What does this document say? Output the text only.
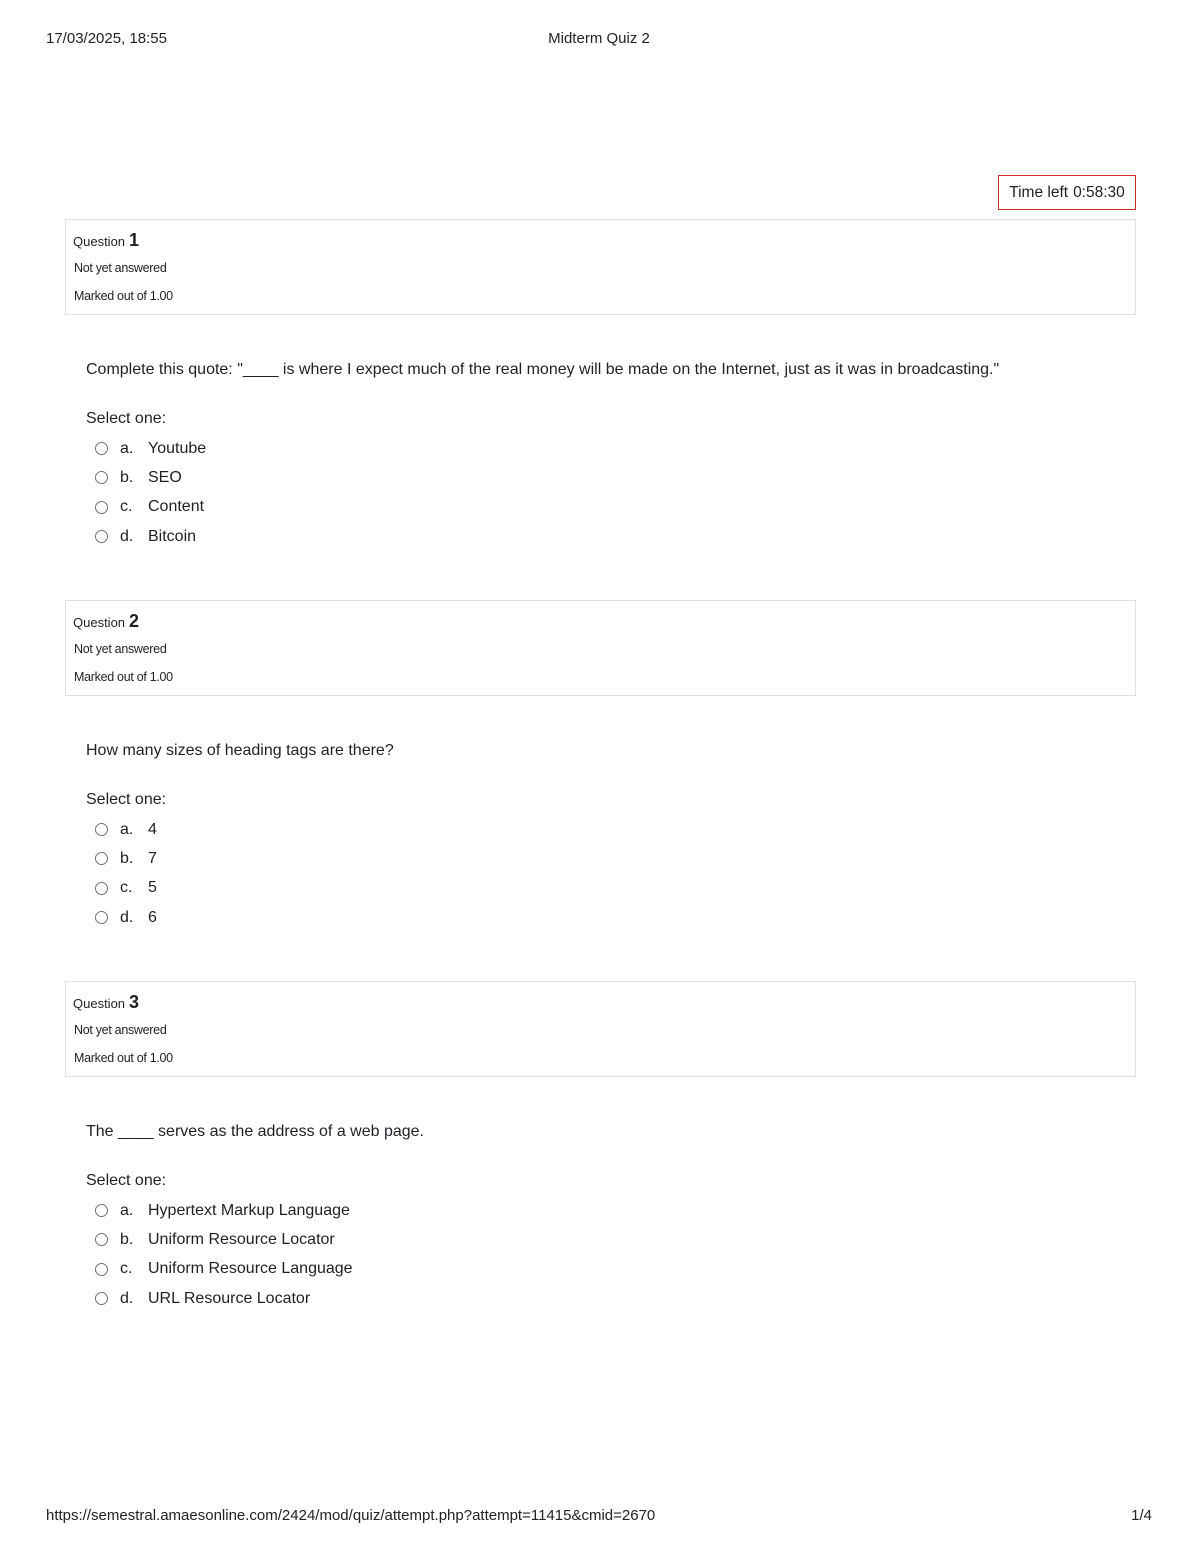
17/03/2025, 18:55	Midterm Quiz 2
Time left 0:58:30
Question 1
Not yet answered
Marked out of 1.00
Complete this quote: "____ is where I expect much of the real money will be made on the Internet, just as it was in broadcasting."
Select one:
a. Youtube
b. SEO
c. Content
d. Bitcoin
Question 2
Not yet answered
Marked out of 1.00
How many sizes of heading tags are there?
Select one:
a. 4
b. 7
c. 5
d. 6
Question 3
Not yet answered
Marked out of 1.00
The ____ serves as the address of a web page.
Select one:
a. Hypertext Markup Language
b. Uniform Resource Locator
c. Uniform Resource Language
d. URL Resource Locator
https://semestral.amaesonline.com/2424/mod/quiz/attempt.php?attempt=11415&cmid=2670	1/4
